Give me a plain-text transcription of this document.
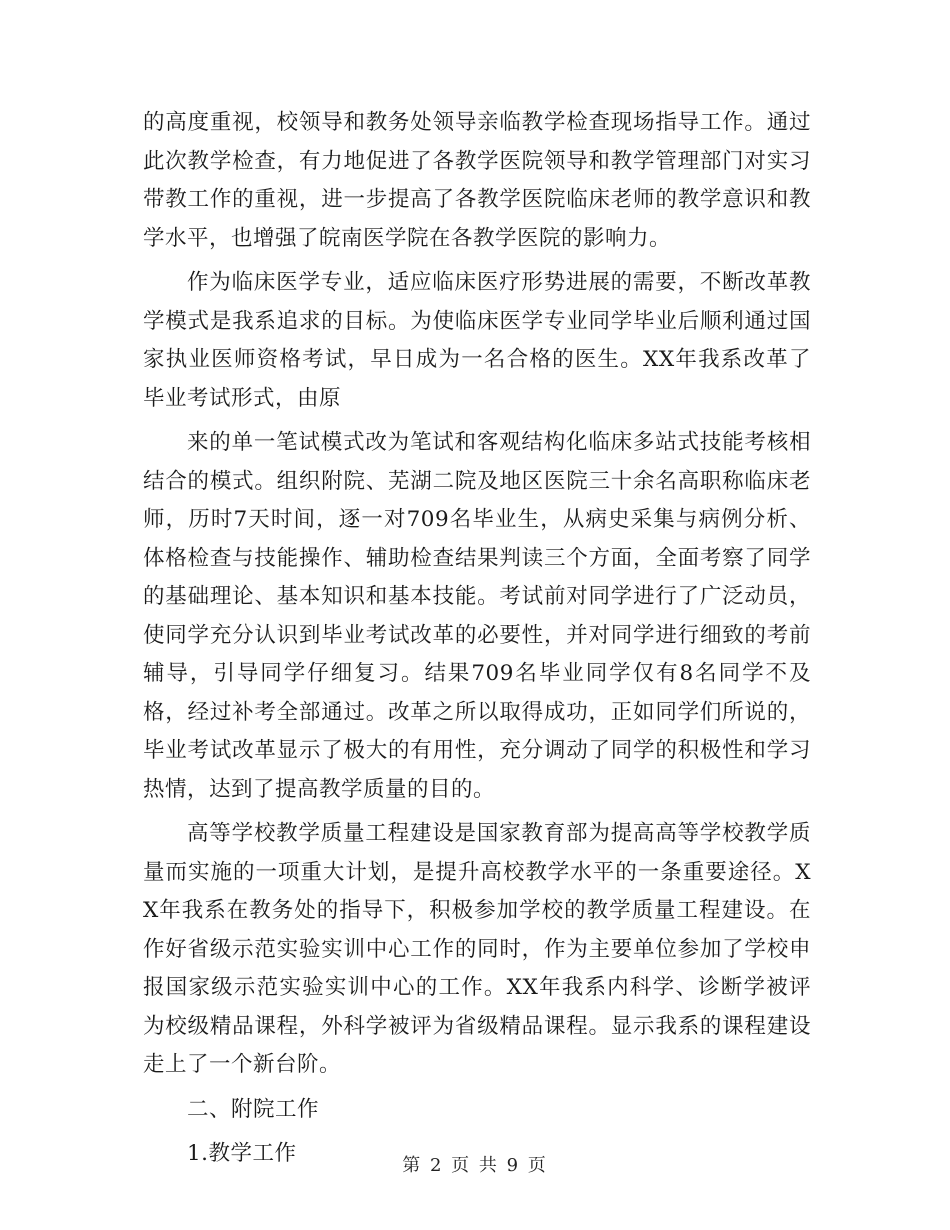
的高度重视，校领导和教务处领导亲临教学检查现场指导工作。通过此次教学检查，有力地促进了各教学医院领导和教学管理部门对实习带教工作的重视，进一步提高了各教学医院临床老师的教学意识和教学水平，也增强了皖南医学院在各教学医院的影响力。

作为临床医学专业，适应临床医疗形势进展的需要，不断改革教学模式是我系追求的目标。为使临床医学专业同学毕业后顺利通过国家执业医师资格考试，早日成为一名合格的医生。XX年我系改革了毕业考试形式，由原

来的单一笔试模式改为笔试和客观结构化临床多站式技能考核相结合的模式。组织附院、芜湖二院及地区医院三十余名高职称临床老师，历时7天时间，逐一对709名毕业生，从病史采集与病例分析、体格检查与技能操作、辅助检查结果判读三个方面，全面考察了同学的基础理论、基本知识和基本技能。考试前对同学进行了广泛动员，使同学充分认识到毕业考试改革的必要性，并对同学进行细致的考前辅导，引导同学仔细复习。结果709名毕业同学仅有8名同学不及格，经过补考全部通过。改革之所以取得成功，正如同学们所说的，毕业考试改革显示了极大的有用性，充分调动了同学的积极性和学习热情，达到了提高教学质量的目的。

高等学校教学质量工程建设是国家教育部为提高高等学校教学质量而实施的一项重大计划，是提升高校教学水平的一条重要途径。XX年我系在教务处的指导下，积极参加学校的教学质量工程建设。在作好省级示范实验实训中心工作的同时，作为主要单位参加了学校申报国家级示范实验实训中心的工作。XX年我系内科学、诊断学被评为校级精品课程，外科学被评为省级精品课程。显示我系的课程建设走上了一个新台阶。

二、附院工作

1.教学工作	第 2 页 共 9 页
